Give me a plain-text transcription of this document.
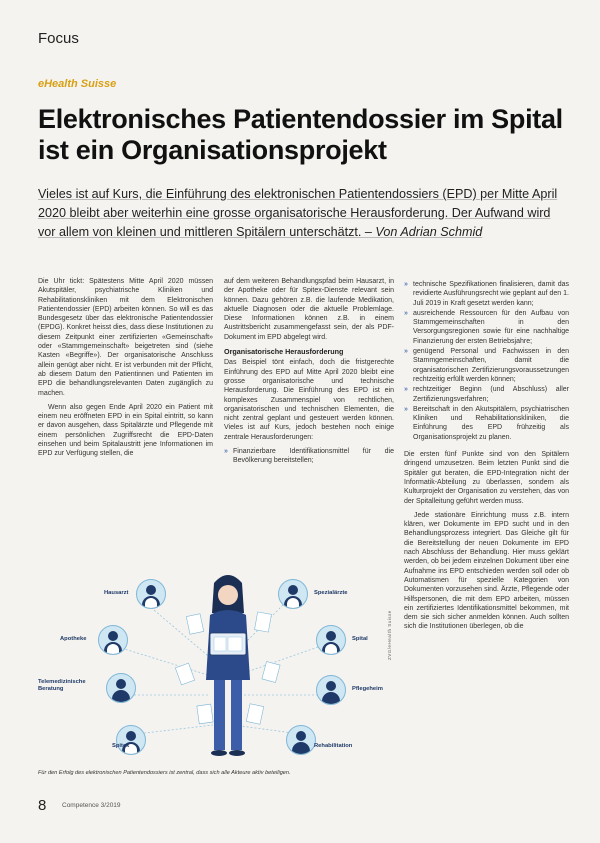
Focus
eHealth Suisse
Elektronisches Patientendossier im Spital ist ein Organisationsprojekt
Vieles ist auf Kurs, die Einführung des elektronischen Patientendossiers (EPD) per Mitte April 2020 bleibt aber weiterhin eine grosse organisatorische Herausforderung. Der Aufwand wird vor allem von kleinen und mittleren Spitälern unterschätzt. – Von Adrian Schmid

Die Uhr tickt: Spätestens Mitte April 2020 müssen Akutspitäler, psychiatrische Kliniken und Rehabilitationskliniken mit dem Elektronischen Patientendossier (EPD) arbeiten können. So will es das Bundesgesetz über das elektronische Patientendossier (EPDG). Konkret heisst dies, dass diese Institutionen zu diesem Zeitpunkt einer zertifizierten «Gemeinschaft» oder «Stammgemeinschaft» beigetreten sind (siehe Kasten «Begriffe»). Der organisatorische Anschluss allein genügt aber nicht. Er ist verbunden mit der Pflicht, ab diesem Datum den Patientinnen und Patienten im EPD die behandlungsrelevanten Daten zugänglich zu machen.

Wenn also gegen Ende April 2020 ein Patient mit einem neu eröffneten EPD in ein Spital eintritt, so kann er davon ausgehen, dass Spitalärzte und Pflegende mit einem persönlichen Zugriffsrecht die EPD-Daten einsehen und beim Spitalaustritt jene Informationen im EPD zur Verfügung stellen, die

auf dem weiteren Behandlungspfad beim Hausarzt, in der Apotheke oder für Spitex-Dienste relevant sein können. Dazu gehören z.B. die laufende Medikation, aktuelle Diagnosen oder die aktuelle Problemlage. Diese Informationen können z.B. in einem Austrittsbericht zusammengefasst sein, der als PDF-Dokument im EPD abgelegt wird.

Organisatorische Herausforderung

Das Beispiel tönt einfach, doch die fristgerechte Einführung des EPD auf Mitte April 2020 bleibt eine grosse organisatorische und technische Herausforderung. Die Einführung des EPD ist ein komplexes Zusammenspiel von rechtlichen, organisatorischen und technischen Elementen, die nicht zentral geplant und gesteuert werden können. Vieles ist auf Kurs, jedoch bestehen noch einige zentrale Herausforderungen:

» Finanzierbare Identifikationsmittel für die Bevölkerung bereitstellen;
» technische Spezifikationen finalisieren, damit das revidierte Ausführungsrecht wie geplant auf den 1. Juli 2019 in Kraft gesetzt werden kann;
» ausreichende Ressourcen für den Aufbau von Stammgemeinschaften in den Versorgungsregionen sowie für eine nachhaltige Finanzierung der ersten Betriebsjahre;
» genügend Personal und Fachwissen in den Stammgemeinschaften, damit die organisatorischen Zertifizierungsvoraussetzungen rechtzeitig erfüllt werden können;
» rechtzeitiger Beginn (und Abschluss) aller Zertifizierungsverfahren;
» Bereitschaft in den Akutspitälern, psychiatrischen Kliniken und Rehabilitationskliniken, die Einführung des EPD frühzeitig als Organisationsprojekt zu planen.

Die ersten fünf Punkte sind von den Spitälern dringend umzusetzen. Beim letzten Punkt sind die Spitäler gut beraten, die EPD-Integration nicht der Informatik-Abteilung zu überlassen, sondern als Kulturprojekt der Organisation zu verstehen, das von der Spitalleitung geführt werden muss.

Jede stationäre Einrichtung muss z.B. intern klären, wer Dokumente im EPD sucht und in den Behandlungsprozess integriert. Das Gleiche gilt für die Bereitstellung der neuen Dokumente im EPD nach Abschluss der Behandlung. Hier muss geklärt werden, ob bei jedem einzelnen Dokument über eine Aufnahme ins EPD entschieden werden soll oder ob Automatismen für spezielle Kategorien von Dokumenten vorzusehen sind. Ärzte, Pflegende oder Hilfspersonen, die mit dem EPD arbeiten, müssen ein zertifiziertes Identifikationsmittel bekommen, mit dem sie sich sicher anmelden können. Auch sollten sich die Institutionen überlegen, ob die

Hausarzt	Spezialärzte
Apotheke	Spital
Telemedizinische Beratung	Pflegeheim
Spitex	Rehabilitation
ZVG/eHealth Suisse
Für den Erfolg des elektronischen Patientendossiers ist zentral, dass sich alle Akteure aktiv beteiligen.
8 Competence 3/2019
